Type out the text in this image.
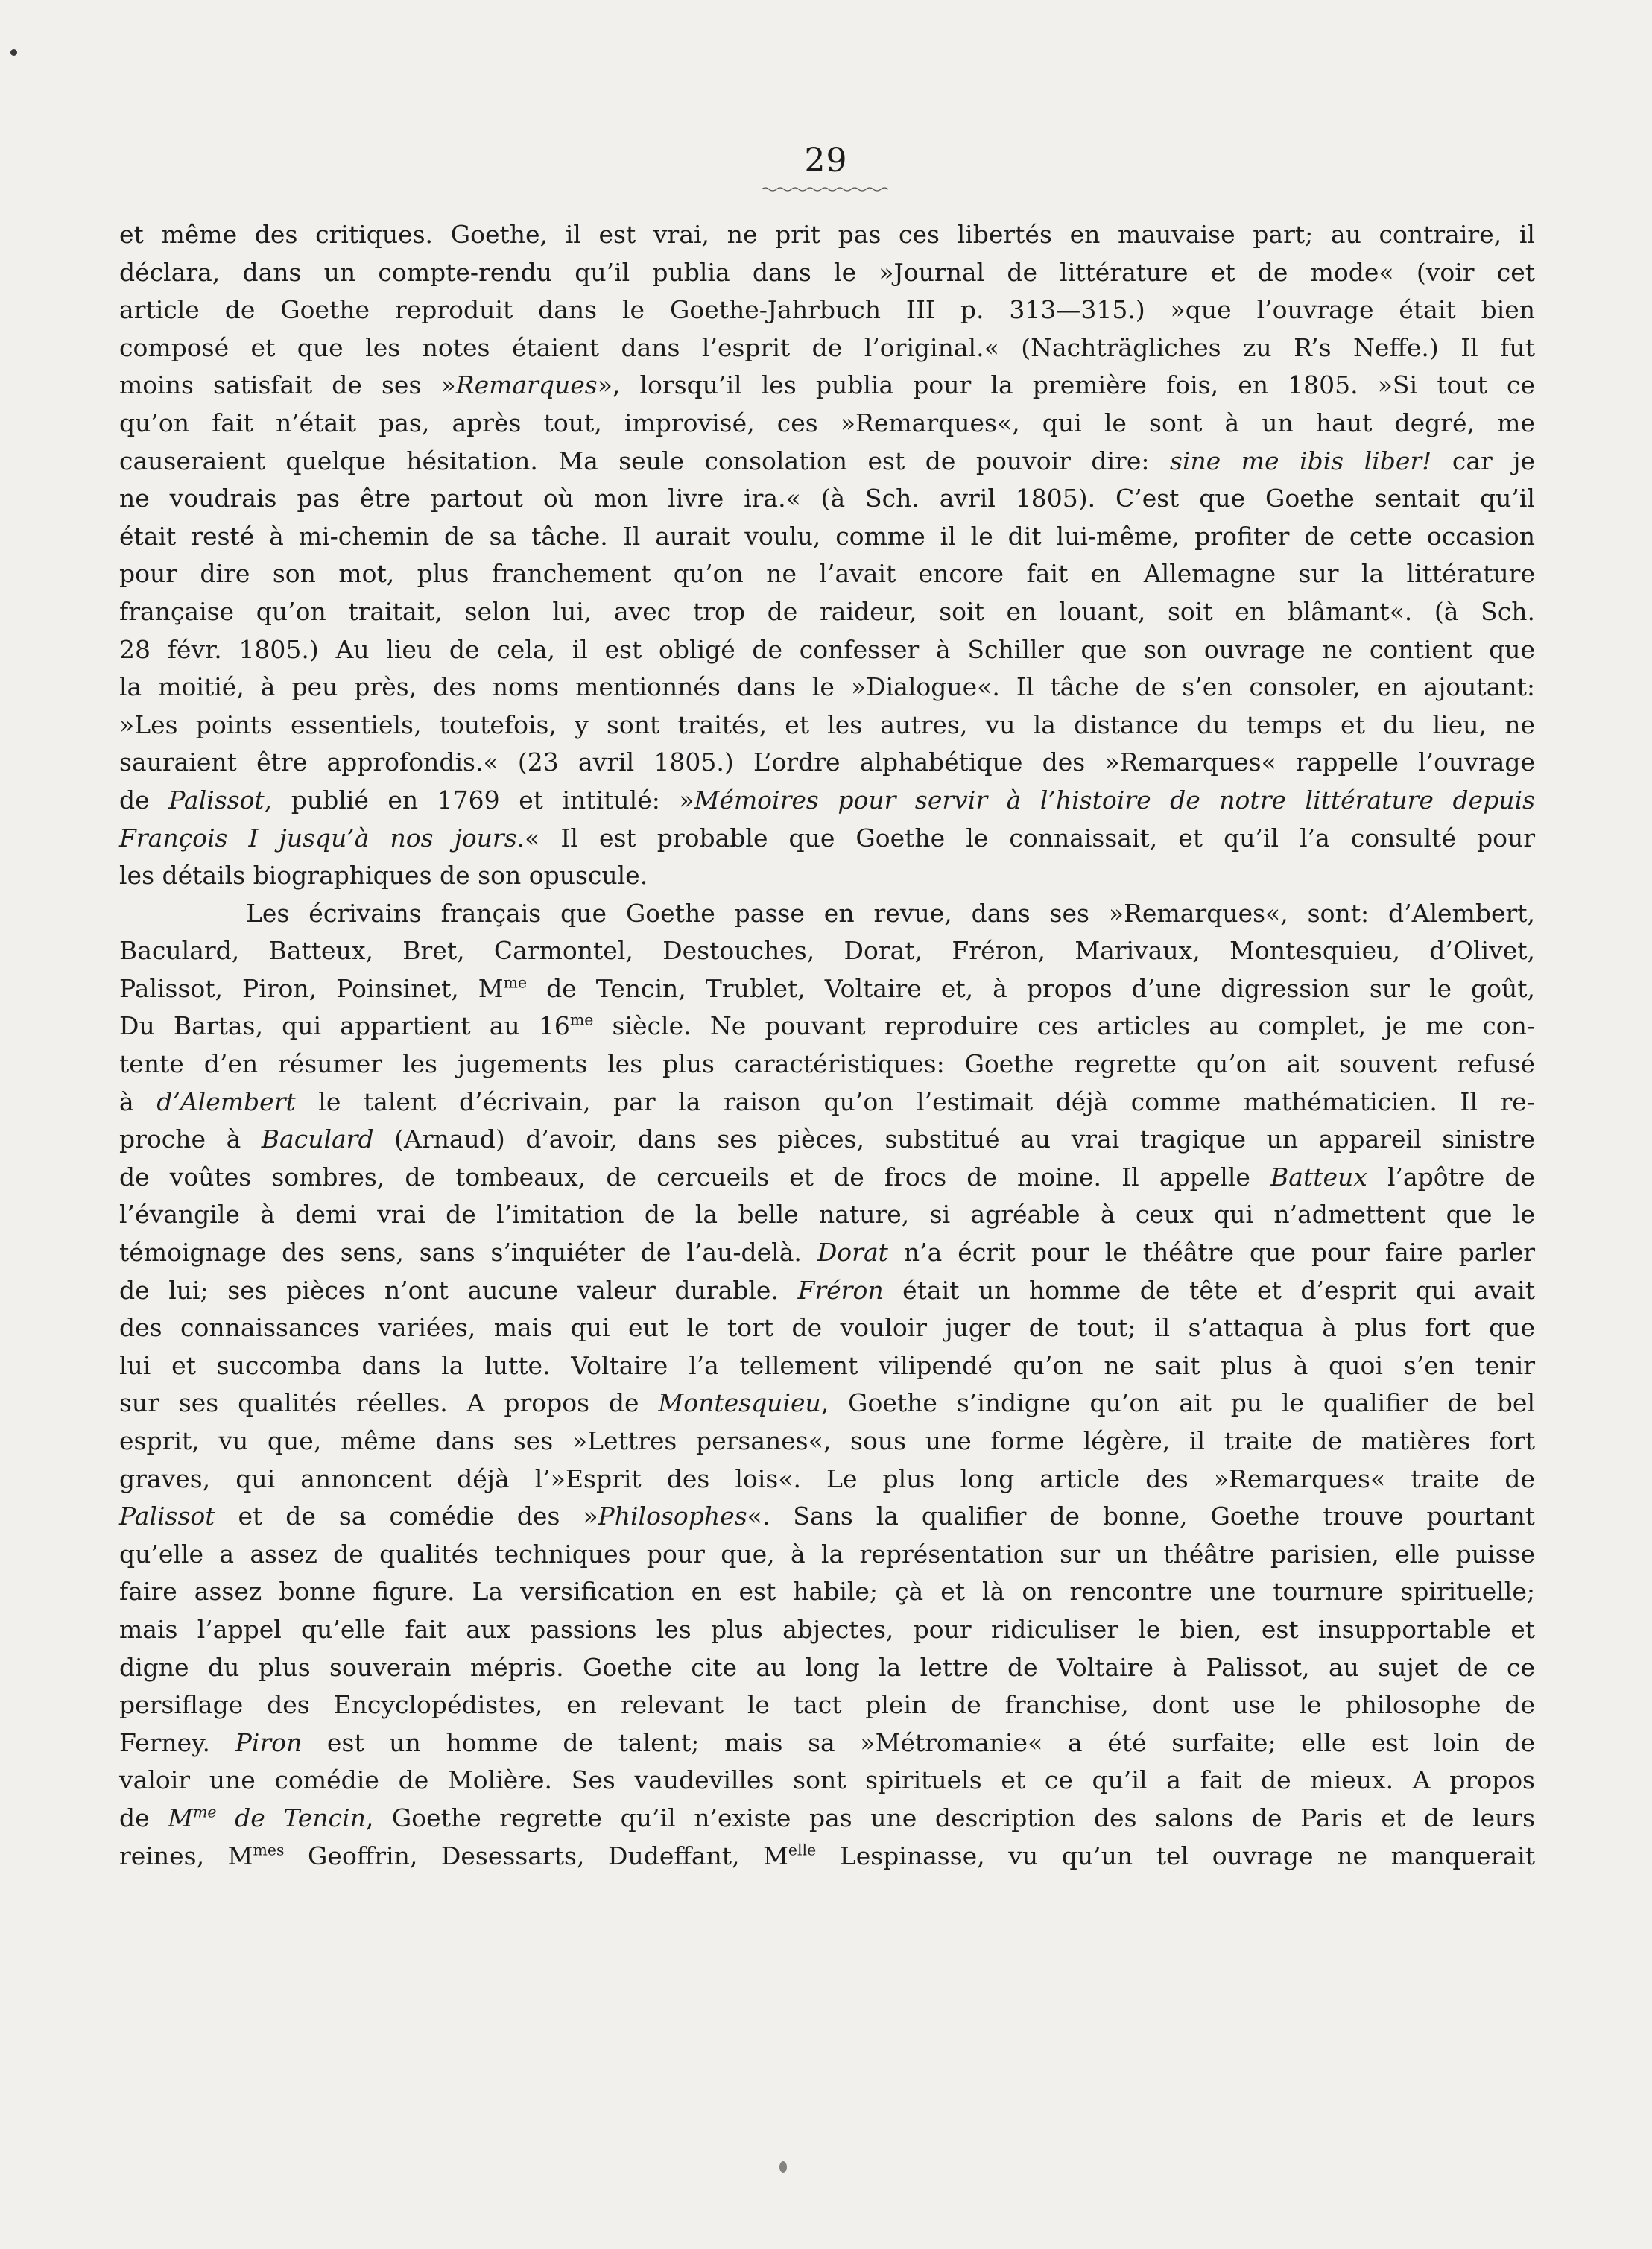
29
et même des critiques. Goethe, il est vrai, ne prit pas ces libertés en mauvaise part; au contraire, il
déclara, dans un compte-rendu qu’il publia dans le »Journal de littérature et de mode« (voir cet
article de Goethe reproduit dans le Goethe-Jahrbuch III p. 313—315.) »que l’ouvrage était bien
composé et que les notes étaient dans l’esprit de l’original.« (Nachträgliches zu R’s Neffe.) Il fut
moins satisfait de ses »Remarques», lorsqu’il les publia pour la première fois, en 1805. »Si tout ce
qu’on fait n’était pas, après tout, improvisé, ces »Remarques«, qui le sont à un haut degré, me
causeraient quelque hésitation. Ma seule consolation est de pouvoir dire: sine me ibis liber! car je
ne voudrais pas être partout où mon livre ira.« (à Sch. avril 1805). C’est que Goethe sentait qu’il
était resté à mi-chemin de sa tâche. Il aurait voulu, comme il le dit lui-même, profiter de cette occasion
pour dire son mot, plus franchement qu’on ne l’avait encore fait en Allemagne sur la littérature
française qu’on traitait, selon lui, avec trop de raideur, soit en louant, soit en blâmant«. (à Sch.
28 févr. 1805.) Au lieu de cela, il est obligé de confesser à Schiller que son ouvrage ne contient que
la moitié, à peu près, des noms mentionnés dans le »Dialogue«. Il tâche de s’en consoler, en ajoutant:
»Les points essentiels, toutefois, y sont traités, et les autres, vu la distance du temps et du lieu, ne
sauraient être approfondis.« (23 avril 1805.) L’ordre alphabétique des »Remarques« rappelle l’ouvrage
de Palissot, publié en 1769 et intitulé: »Mémoires pour servir à l’histoire de notre littérature depuis
François I jusqu’à nos jours.« Il est probable que Goethe le connaissait, et qu’il l’a consulté pour
les détails biographiques de son opuscule.
Les écrivains français que Goethe passe en revue, dans ses »Remarques«, sont: d’Alembert,
Baculard, Batteux, Bret, Carmontel, Destouches, Dorat, Fréron, Marivaux, Montesquieu, d’Olivet,
Palissot, Piron, Poinsinet, $M^{me}$ de Tencin, Trublet, Voltaire et, à propos d’une digression sur le goût,
Du Bartas, qui appartient au $16^{me}$ siècle. Ne pouvant reproduire ces articles au complet, je me con-
tente d’en résumer les jugements les plus caractéristiques: Goethe regrette qu’on ait souvent refusé
à d’Alembert le talent d’écrivain, par la raison qu’on l’estimait déjà comme mathématicien. Il re-
proche à Baculard (Arnaud) d’avoir, dans ses pièces, substitué au vrai tragique un appareil sinistre
de voûtes sombres, de tombeaux, de cercueils et de frocs de moine. Il appelle Batteux l’apôtre de
l’évangile à demi vrai de l’imitation de la belle nature, si agréable à ceux qui n’admettent que le
témoignage des sens, sans s’inquiéter de l’au-delà. Dorat n’a écrit pour le théâtre que pour faire parler
de lui; ses pièces n’ont aucune valeur durable. Fréron était un homme de tête et d’esprit qui avait
des connaissances variées, mais qui eut le tort de vouloir juger de tout; il s’attaqua à plus fort que
lui et succomba dans la lutte. Voltaire l’a tellement vilipendé qu’on ne sait plus à quoi s’en tenir
sur ses qualités réelles. A propos de Montesquieu, Goethe s’indigne qu’on ait pu le qualifier de bel
esprit, vu que, même dans ses »Lettres persanes«, sous une forme légère, il traite de matières fort
graves, qui annoncent déjà l’»Esprit des lois«. Le plus long article des »Remarques« traite de
Palissot et de sa comédie des »Philosophes«. Sans la qualifier de bonne, Goethe trouve pourtant
qu’elle a assez de qualités techniques pour que, à la représentation sur un théâtre parisien, elle puisse
faire assez bonne figure. La versification en est habile; çà et là on rencontre une tournure spirituelle;
mais l’appel qu’elle fait aux passions les plus abjectes, pour ridiculiser le bien, est insupportable et
digne du plus souverain mépris. Goethe cite au long la lettre de Voltaire à Palissot, au sujet de ce
persiflage des Encyclopédistes, en relevant le tact plein de franchise, dont use le philosophe de
Ferney. Piron est un homme de talent; mais sa »Métromanie« a été surfaite; elle est loin de
valoir une comédie de Molière. Ses vaudevilles sont spirituels et ce qu’il a fait de mieux. A propos
de $M^{me}$ de Tencin, Goethe regrette qu’il n’existe pas une description des salons de Paris et de leurs
reines, $M^{mes}$ Geoffrin, Desessarts, Dudeffant, $M^{elle}$ Lespinasse, vu qu’un tel ouvrage ne manquerait
